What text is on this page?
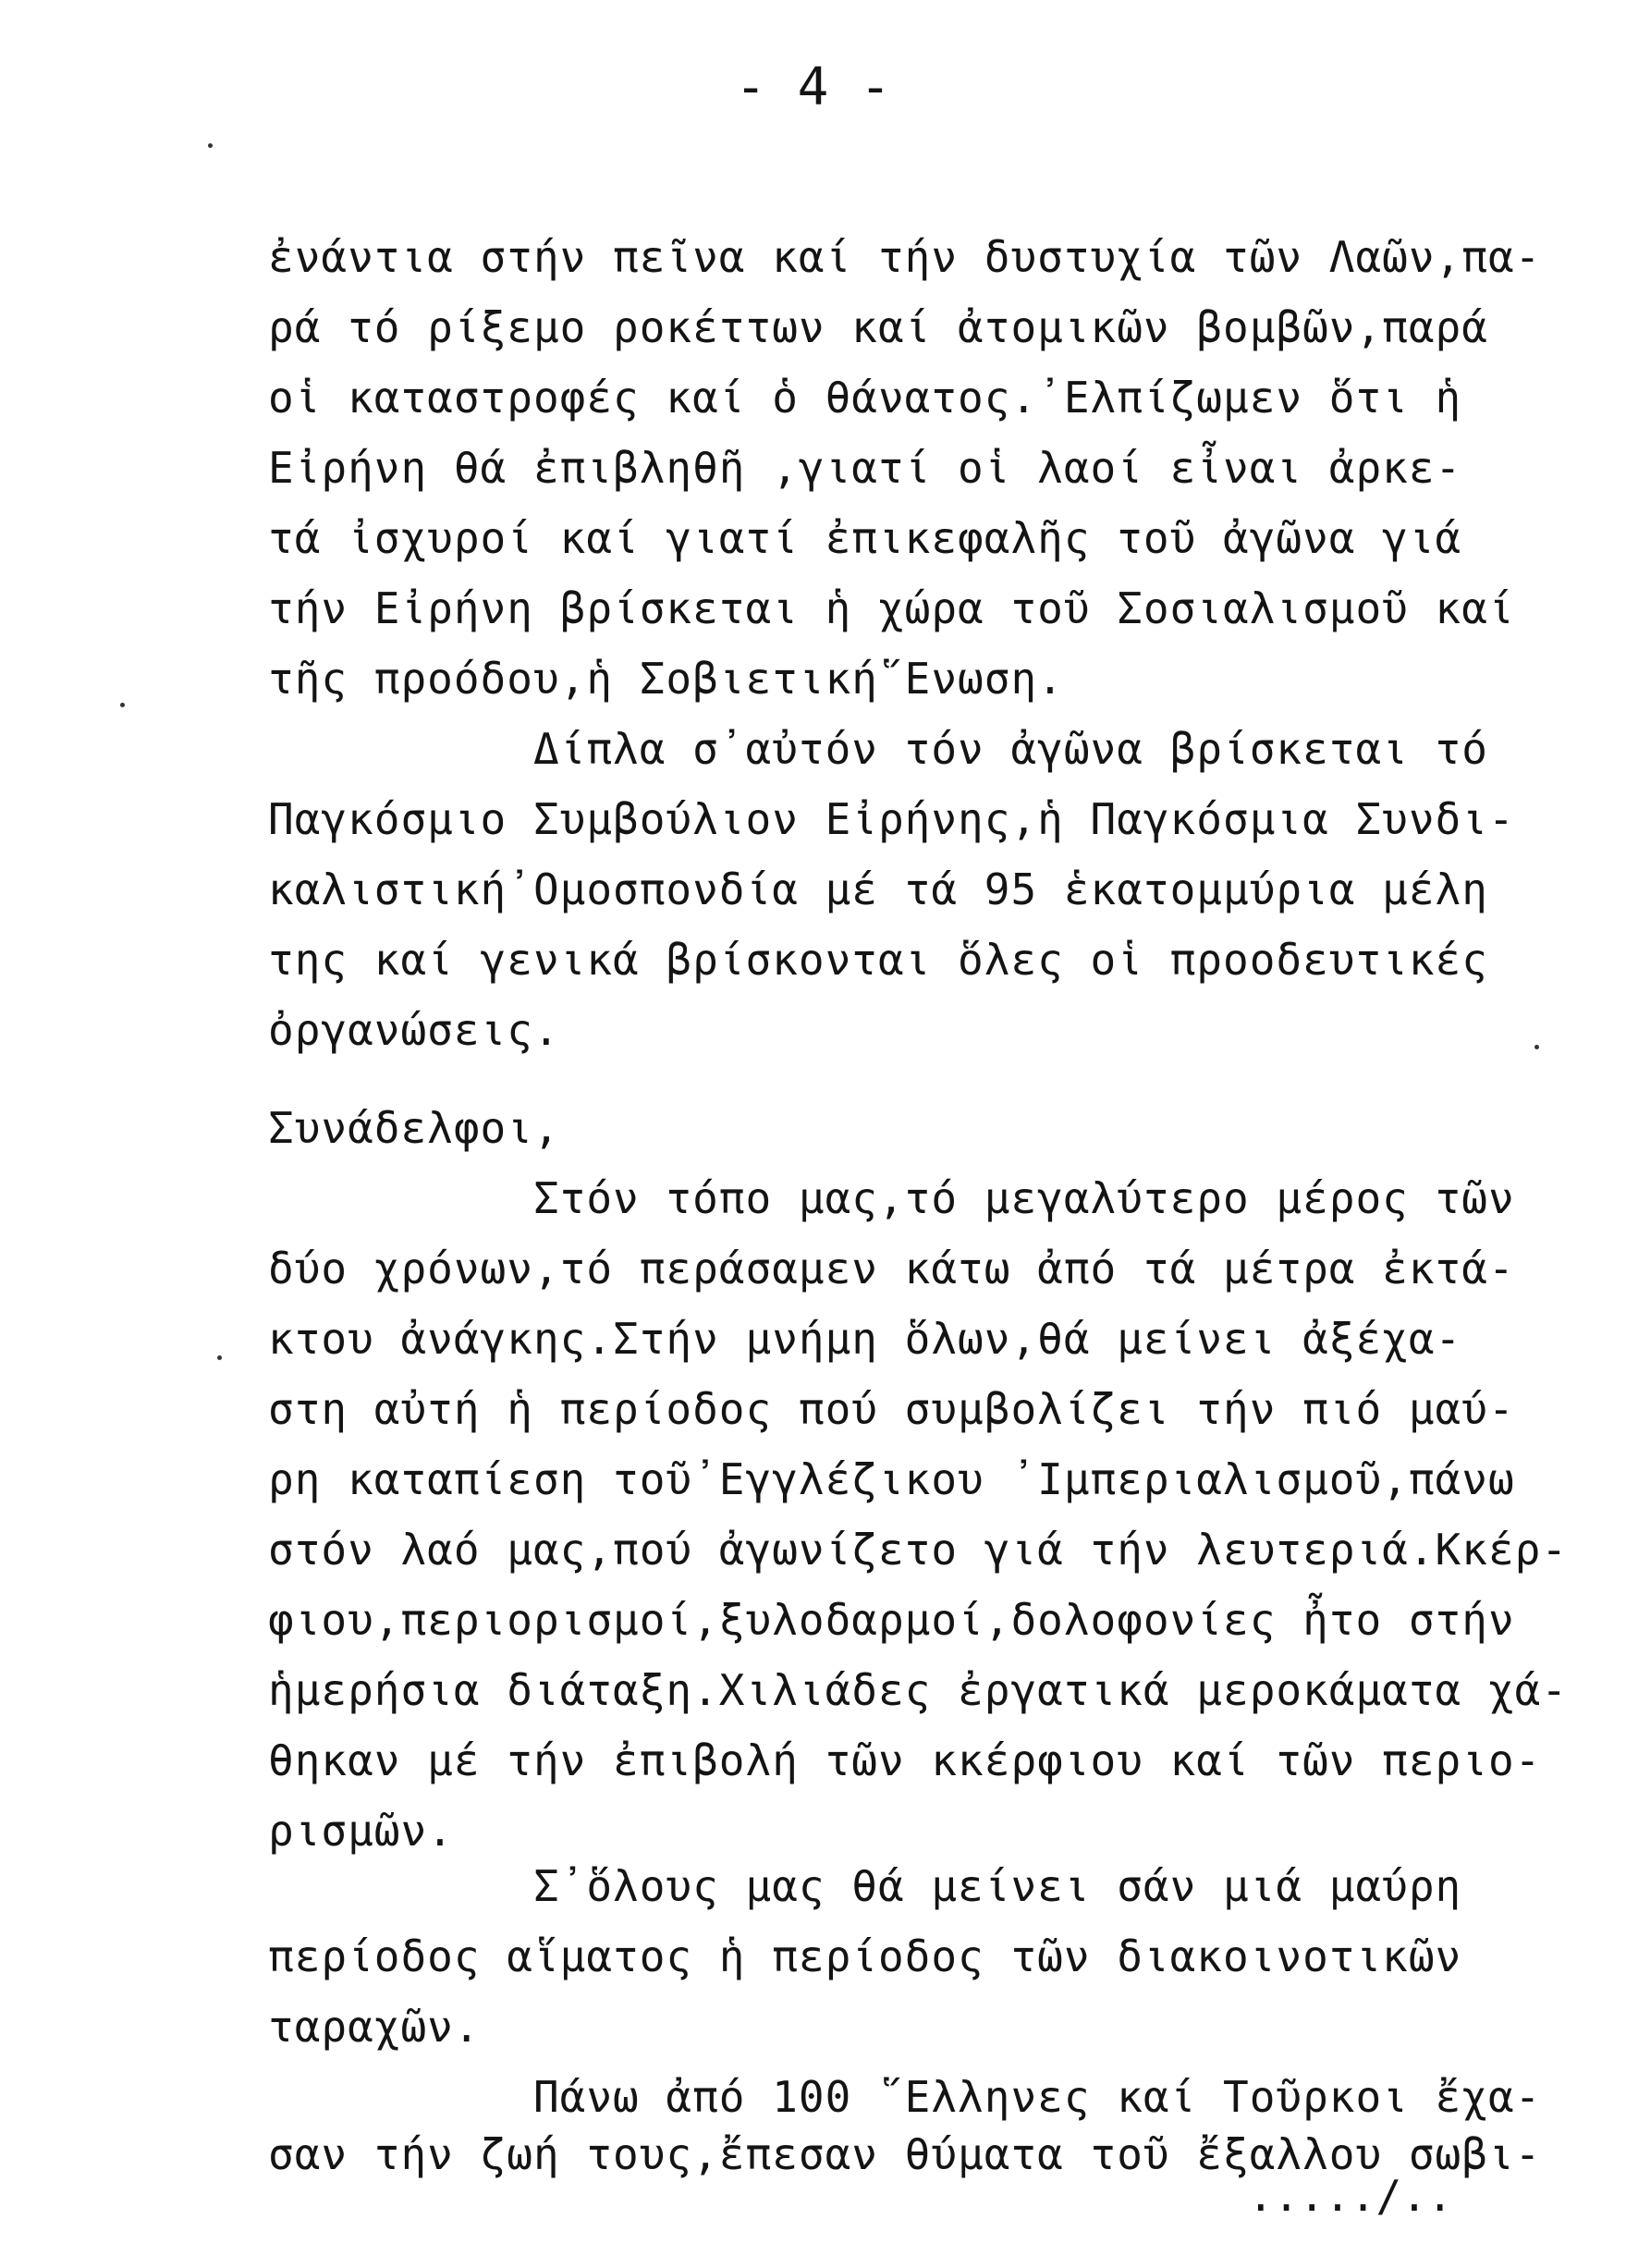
- 4 -
ἐνάντια στήν πεῖνα καί τήν δυστυχία τῶν Λαῶν,πα-
ρά τό ρίξεμο ροκέττων καί ἀτομικῶν βομβῶν,παρά
οἱ καταστροφές καί ὁ θάνατος.᾿Ελπίζωμεν ὅτι ἡ
Εἰρήνη θά ἐπιβληθῆ ,γιατί οἱ λαοί εἶναι ἀρκε-
τά ἰσχυροί καί γιατί ἐπικεφαλῆς τοῦ ἀγῶνα γιά
τήν Εἰρήνη βρίσκεται ἡ χώρα τοῦ Σοσιαλισμοῦ καί
τῆς προόδου,ἡ Σοβιετική῞Ενωση.
Δίπλα σ᾿αὐτόν τόν ἀγῶνα βρίσκεται τό
Παγκόσμιο Συμβούλιον Εἰρήνης,ἡ Παγκόσμια Συνδι-
καλιστική᾿Ομοσπονδία μέ τά 95 ἑκατομμύρια μέλη
της καί γενικά βρίσκονται ὅλες οἱ προοδευτικές
ὀργανώσεις.
Συνάδελφοι,
Στόν τόπο μας,τό μεγαλύτερο μέρος τῶν
δύο χρόνων,τό περάσαμεν κάτω ἀπό τά μέτρα ἐκτά-
κτου ἀνάγκης.Στήν μνήμη ὅλων,θά μείνει ἀξέχα-
στη αὐτή ἡ περίοδος πού συμβολίζει τήν πιό μαύ-
ρη καταπίεση τοῦ᾿Εγγλέζικου ᾿Ιμπεριαλισμοῦ,πάνω
στόν λαό μας,πού ἀγωνίζετο γιά τήν λευτεριά.Κκέρ-
φιου,περιορισμοί,ξυλοδαρμοί,δολοφονίες ἦτο στήν
ἡμερήσια διάταξη.Χιλιάδες ἐργατικά μεροκάματα χά-
θηκαν μέ τήν ἐπιβολή τῶν κκέρφιου καί τῶν περιο-
ρισμῶν.
Σ᾿ὅλους μας θά μείνει σάν μιά μαύρη
περίοδος αἵματος ἡ περίοδος τῶν διακοινοτικῶν
ταραχῶν.
Πάνω ἀπό 100 ῞Ελληνες καί Τοῦρκοι ἔχα-
σαν τήν ζωή τους,ἔπεσαν θύματα τοῦ ἔξαλλου σωβι-
...../..
